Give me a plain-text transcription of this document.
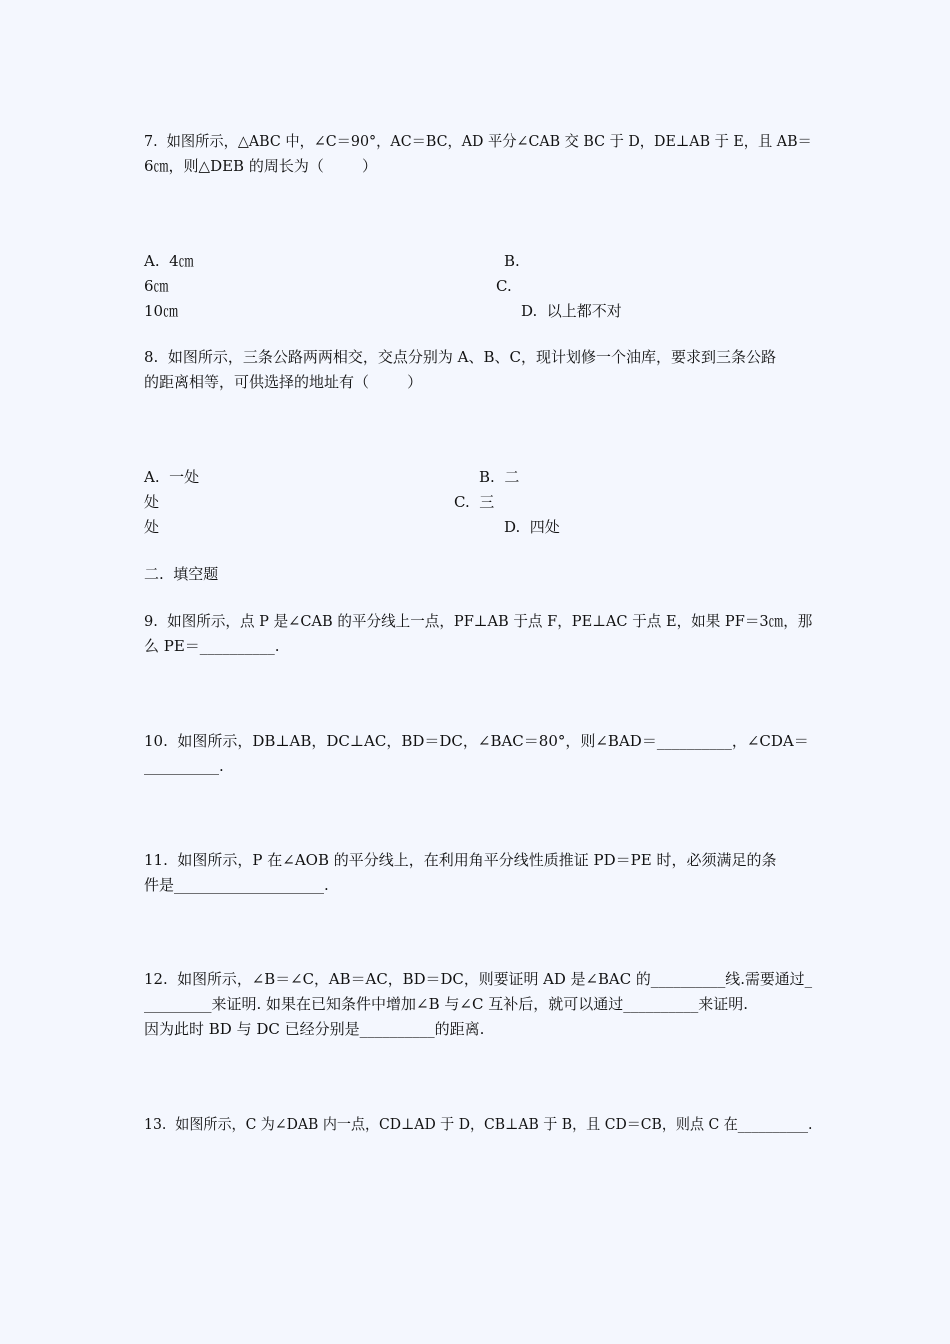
7.  如图所示，△ABC 中，∠C＝90°，AC＝BC，AD 平分∠CAB 交 BC 于 D，DE⊥AB 于 E，且 AB＝
6㎝，则△DEB 的周长为（        ）
A.  4㎝	B.
6㎝	C.
10㎝	D.  以上都不对
8.  如图所示，三条公路两两相交，交点分别为 A、B、C，现计划修一个油库，要求到三条公路
的距离相等，可供选择的地址有（        ）
A.  一处	B.  二
处	C.  三
处	D.  四处
二.  填空题
9.  如图所示，点 P 是∠CAB 的平分线上一点，PF⊥AB 于点 F，PE⊥AC 于点 E，如果 PF＝3㎝，那
么 PE＝__________.
10.  如图所示，DB⊥AB，DC⊥AC，BD＝DC，∠BAC＝80°，则∠BAD＝__________，∠CDA＝
__________.
11.  如图所示，P 在∠AOB 的平分线上，在利用角平分线性质推证 PD＝PE 时，必须满足的条
件是____________________.
12.  如图所示，∠B＝∠C，AB＝AC，BD＝DC，则要证明 AD 是∠BAC 的__________线.需要通过_
_________来证明. 如果在已知条件中增加∠B 与∠C 互补后，就可以通过__________来证明.
因为此时 BD 与 DC 已经分别是__________的距离.
13.  如图所示，C 为∠DAB 内一点，CD⊥AD 于 D，CB⊥AB 于 B，且 CD＝CB，则点 C 在__________.
